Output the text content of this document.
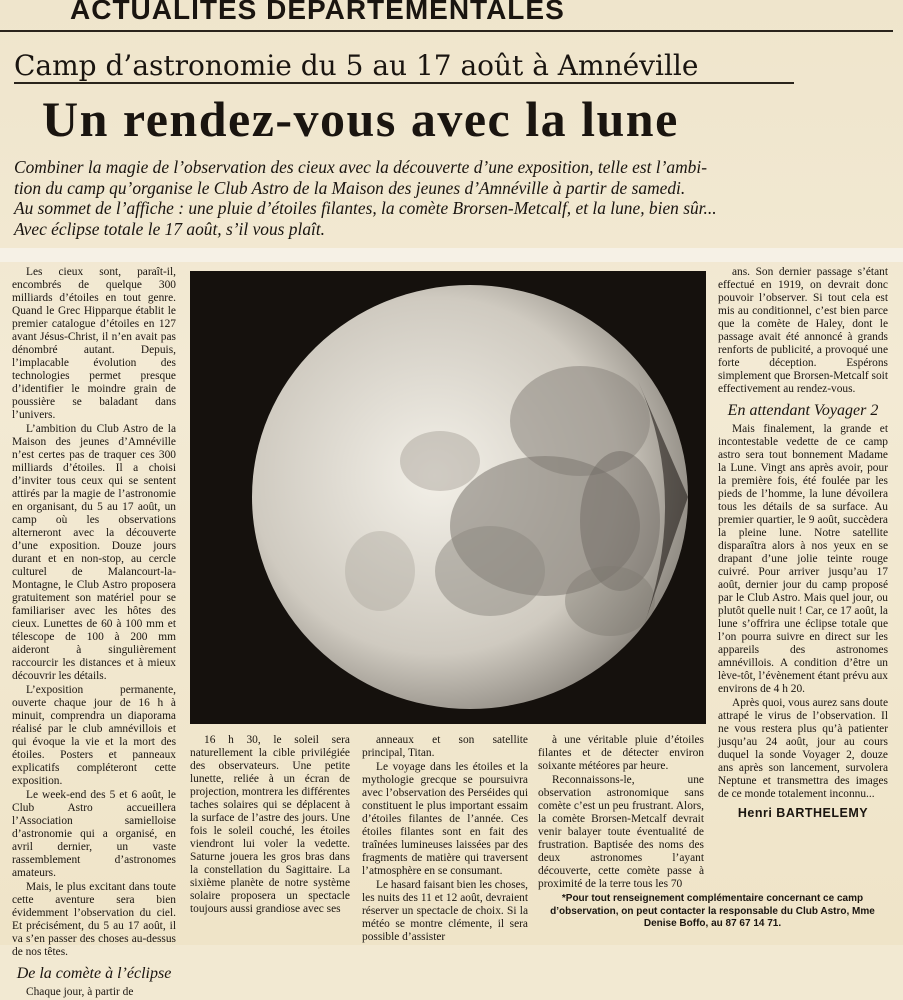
ACTUALITES DEPARTEMENTALES
Camp d’astronomie du 5 au 17 août à Amnéville
Un rendez-vous avec la lune

Combiner la magie de l’observation des cieux avec la découverte d’une exposition, telle est l’ambi-

tion du camp qu’organise le Club Astro de la Maison des jeunes d’Amnéville à partir de samedi.

Au sommet de l’affiche : une pluie d’étoiles filantes, la comète Brorsen-Metcalf, et la lune, bien sûr...

Avec éclipse totale le 17 août, s’il vous plaît.

Les cieux sont, paraît-il, encombrés de quelque 300 milliards d’étoiles en tout genre. Quand le Grec Hipparque établit le premier catalogue d’étoiles en 127 avant Jésus-Christ, il n’en avait pas dénombré autant. Depuis, l’implacable évolution des technologies permet presque d’identifier le moindre grain de poussière se baladant dans l’univers.

L’ambition du Club Astro de la Maison des jeunes d’Amnéville n’est certes pas de traquer ces 300 milliards d’étoiles. Il a choisi d’inviter tous ceux qui se sentent attirés par la magie de l’astronomie en organisant, du 5 au 17 août, un camp où les observations alterneront avec la découverte d’une exposition. Douze jours durant et en non-stop, au cercle culturel de Malancourt-la-Montagne, le Club Astro proposera gratuitement son matériel pour se familiariser avec les hôtes des cieux. Lunettes de 60 à 100 mm et télescope de 100 à 200 mm aideront à singulièrement raccourcir les distances et à mieux découvrir les détails.

L’exposition permanente, ouverte chaque jour de 16 h à minuit, comprendra un diaporama réalisé par le club amnévillois et qui évoque la vie et la mort des étoiles. Posters et panneaux explicatifs compléteront cette exposition.

Le week-end des 5 et 6 août, le Club Astro accueillera l’Association samielloise d’astronomie qui a organisé, en avril dernier, un vaste rassemblement d’astronomes amateurs.

Mais, le plus excitant dans toute cette aventure sera bien évidemment l’observation du ciel. Et précisément, du 5 au 17 août, il va s’en passer des choses au-dessus de nos têtes.

De la comète à l’éclipse

Chaque jour, à partir de

16 h 30, le soleil sera naturellement la cible privilégiée des observateurs. Une petite lunette, reliée à un écran de projection, montrera les différentes taches solaires qui se déplacent à la surface de l’astre des jours. Une fois le soleil couché, les étoiles viendront lui voler la vedette. Saturne jouera les gros bras dans la constellation du Sagittaire. La sixième planète de notre système solaire proposera un spectacle toujours aussi grandiose avec ses

anneaux et son satellite principal, Titan.

Le voyage dans les étoiles et la mythologie grecque se poursuivra avec l’observation des Perséides qui constituent le plus important essaim d’étoiles filantes de l’année. Ces étoiles filantes sont en fait des traînées lumineuses laissées par des fragments de matière qui traversent l’atmosphère en se consumant.

Le hasard faisant bien les choses, les nuits des 11 et 12 août, devraient réserver un spectacle de choix. Si la météo se montre clémente, il sera possible d’assister

à une véritable pluie d’étoiles filantes et de détecter environ soixante météores par heure.

Reconnaissons-le, une observation astronomique sans comète c’est un peu frustrant. Alors, la comète Brorsen-Metcalf devrait venir balayer toute éventualité de frustration. Baptisée des noms des deux astronomes l’ayant découverte, cette comète passe à proximité de la terre tous les 70

ans. Son dernier passage s’étant effectué en 1919, on devrait donc pouvoir l’observer. Si tout cela est mis au conditionnel, c’est bien parce que la comète de Haley, dont le passage avait été annoncé à grands renforts de publicité, a provoqué une forte déception. Espérons simplement que Brorsen-Metcalf soit effectivement au rendez-vous.

En attendant Voyager 2

Mais finalement, la grande et incontestable vedette de ce camp astro sera tout bonnement Madame la Lune. Vingt ans après avoir, pour la première fois, été foulée par les pieds de l’homme, la lune dévoilera tous les détails de sa surface. Au premier quartier, le 9 août, succèdera la pleine lune. Notre satellite disparaîtra alors à nos yeux en se drapant d’une jolie teinte rouge cuivré. Pour arriver jusqu’au 17 août, dernier jour du camp proposé par le Club Astro. Mais quel jour, ou plutôt quelle nuit ! Car, ce 17 août, la lune s’offrira une éclipse totale que l’on pourra suivre en direct sur les appareils des astronomes amnévillois. A condition d’être un lève-tôt, l’évènement étant prévu aux environs de 4 h 20.

Après quoi, vous aurez sans doute attrapé le virus de l’observation. Il ne vous restera plus qu’à patienter jusqu’au 24 août, jour au cours duquel la sonde Voyager 2, douze ans après son lancement, survolera Neptune et transmettra des images de ce monde totalement inconnu...

Henri BARTHELEMY
*Pour tout renseignement complémentaire concernant ce camp d’observation, on peut contacter la responsable du Club Astro, Mme Denise Boffo, au 87 67 14 71.
